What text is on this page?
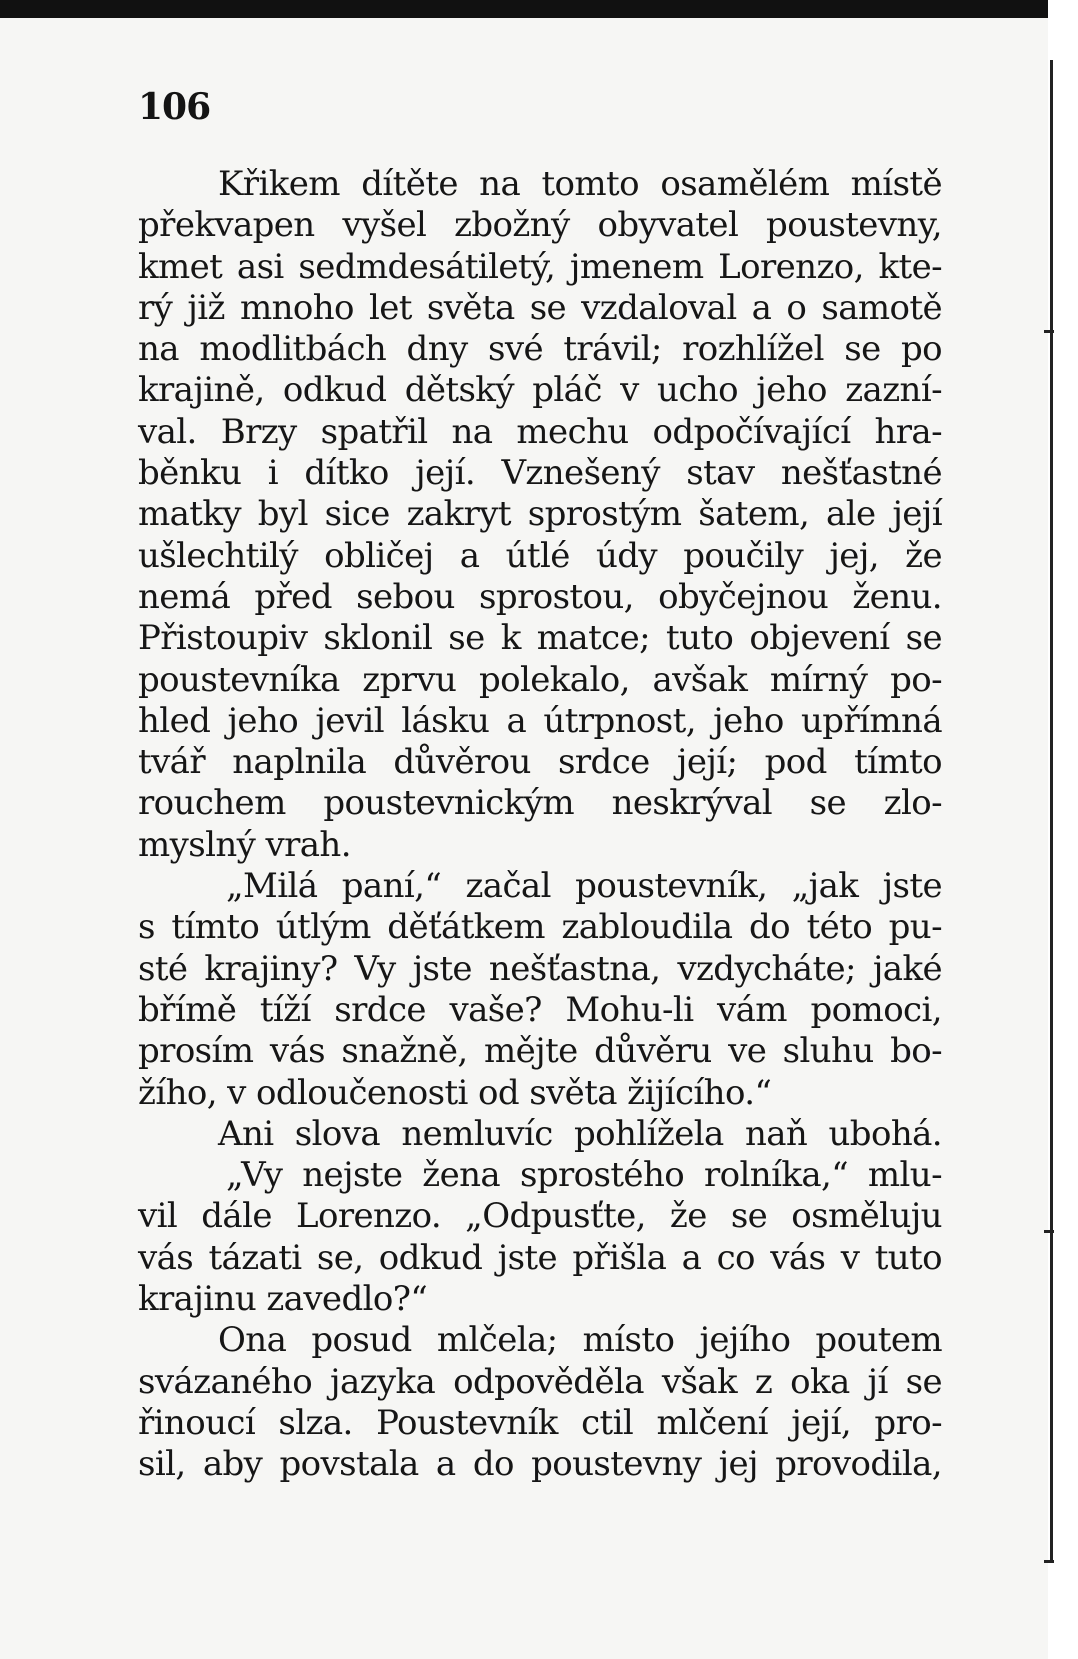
106
Křikem dítěte na tomto osamělém místě
překvapen vyšel zbožný obyvatel poustevny,
kmet asi sedmdesátiletý, jmenem Lorenzo, kte-
rý již mnoho let světa se vzdaloval a o samotě
na modlitbách dny své trávil; rozhlížel se po
krajině, odkud dětský pláč v ucho jeho zazní-
val. Brzy spatřil na mechu odpočívající hra-
běnku i dítko její. Vznešený stav nešťastné
matky byl sice zakryt sprostým šatem, ale její
ušlechtilý obličej a útlé údy poučily jej, že
nemá před sebou sprostou, obyčejnou ženu.
Přistoupiv sklonil se k matce; tuto objevení se
poustevníka zprvu polekalo, avšak mírný po-
hled jeho jevil lásku a útrpnost, jeho upřímná
tvář naplnila důvěrou srdce její; pod tímto
rouchem poustevnickým neskrýval se zlo-
myslný vrah.
„Milá paní,“ začal poustevník, „jak jste
s tímto útlým děťátkem zabloudila do této pu-
sté krajiny? Vy jste nešťastna, vzdycháte; jaké
břímě tíží srdce vaše? Mohu-li vám pomoci,
prosím vás snažně, mějte důvěru ve sluhu bo-
žího, v odloučenosti od světa žijícího.“
Ani slova nemluvíc pohlížela naň ubohá.
„Vy nejste žena sprostého rolníka,“ mlu-
vil dále Lorenzo. „Odpusťte, že se osměluju
vás tázati se, odkud jste přišla a co vás v tuto
krajinu zavedlo?“
Ona posud mlčela; místo jejího poutem
svázaného jazyka odpověděla však z oka jí se
řinoucí slza. Poustevník ctil mlčení její, pro-
sil, aby povstala a do poustevny jej provodila,
